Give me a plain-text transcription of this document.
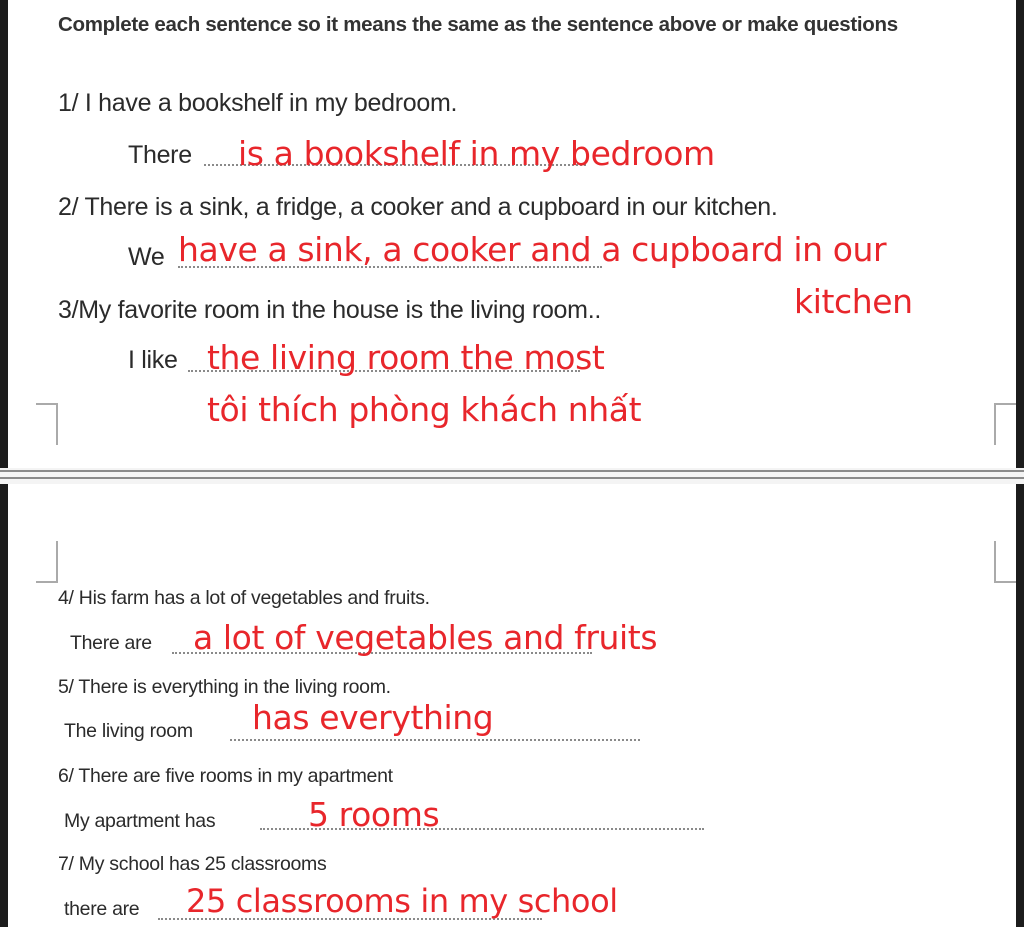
Complete each sentence so it means the same as the sentence above or make questions
1/ I have a bookshelf in my bedroom.
There is a bookshelf in my bedroom
2/ There is a sink, a fridge, a cooker and a cupboard in our kitchen.
We have a sink, a cooker and a cupboard in our
kitchen
3/My favorite room in the house is the living room..
I like the living room the most
tôi thích phòng khách nhất
4/ His farm has a lot of vegetables and fruits.
There are a lot of vegetables and fruits
5/ There is everything in the living room.
The living room has everything
6/ There are five rooms in my apartment
My apartment has	5 rooms
7/ My school has 25 classrooms
there are 25 classrooms in my school
